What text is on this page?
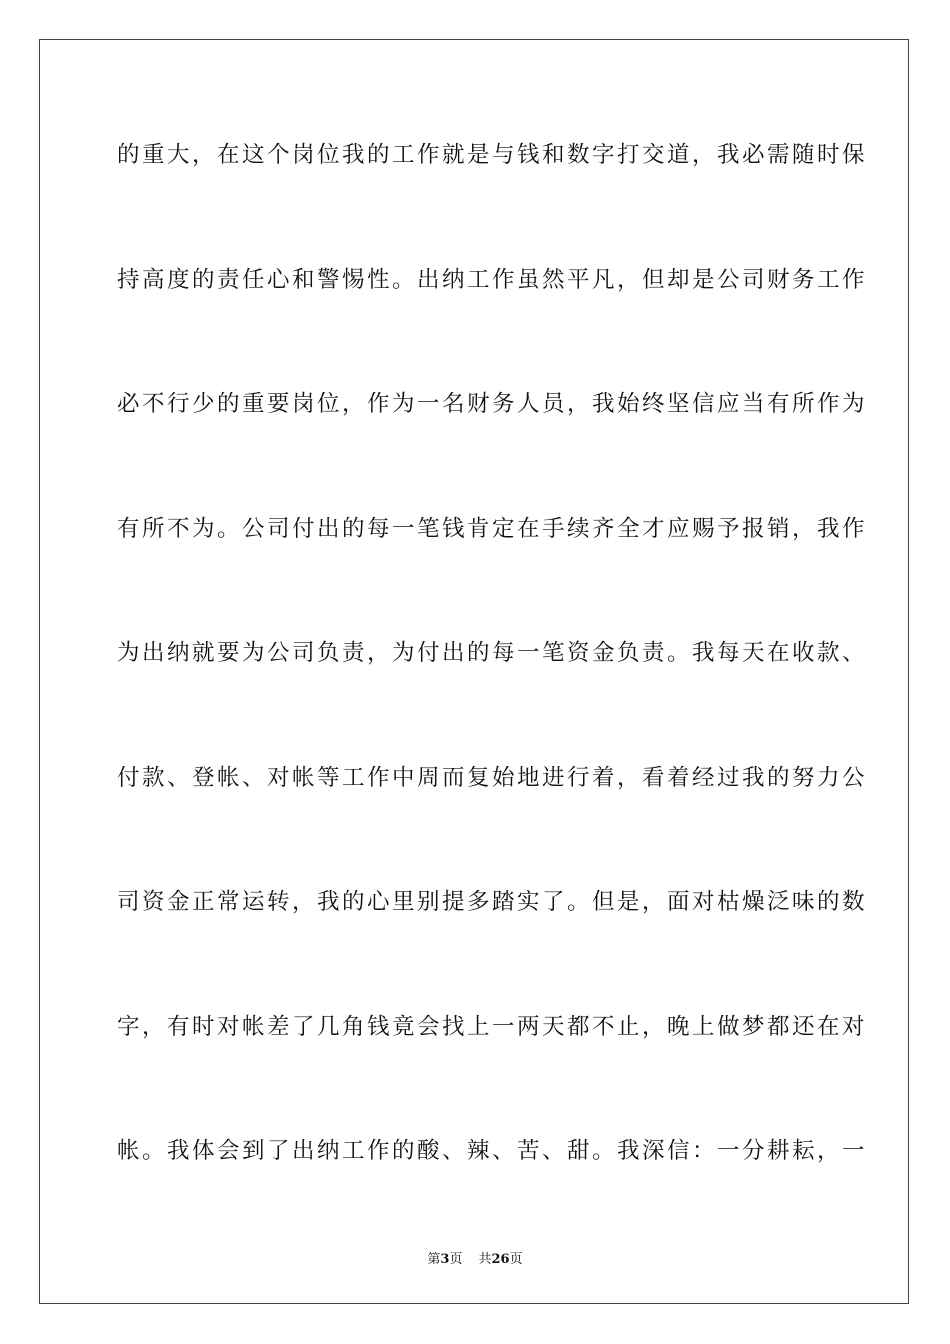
的重大，在这个岗位我的工作就是与钱和数字打交道，我必需随时保
持高度的责任心和警惕性。出纳工作虽然平凡，但却是公司财务工作
必不行少的重要岗位，作为一名财务人员，我始终坚信应当有所作为
有所不为。公司付出的每一笔钱肯定在手续齐全才应赐予报销，我作
为出纳就要为公司负责，为付出的每一笔资金负责。我每天在收款、
付款、登帐、对帐等工作中周而复始地进行着，看着经过我的努力公
司资金正常运转，我的心里别提多踏实了。但是，面对枯燥泛味的数
字，有时对帐差了几角钱竟会找上一两天都不止，晚上做梦都还在对
帐。我体会到了出纳工作的酸、辣、苦、甜。我深信：一分耕耘，一
第3页 共26页
